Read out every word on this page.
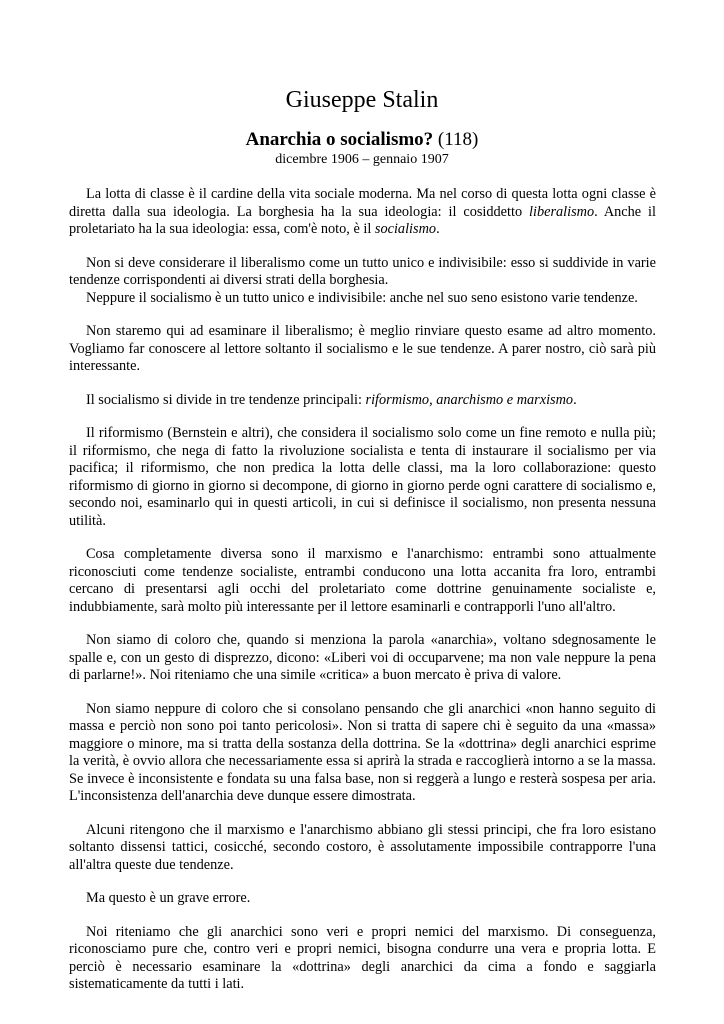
Giuseppe Stalin
Anarchia o socialismo? (118)
dicembre 1906 – gennaio 1907

La lotta di classe è il cardine della vita sociale moderna. Ma nel corso di questa lotta ogni classe è diretta dalla sua ideologia. La borghesia ha la sua ideologia: il cosiddetto liberalismo. Anche il proletariato ha la sua ideologia: essa, com'è noto, è il socialismo.

Non si deve considerare il liberalismo come un tutto unico e indivisibile: esso si suddivide in varie tendenze corrispondenti ai diversi strati della borghesia.

Neppure il socialismo è un tutto unico e indivisibile: anche nel suo seno esistono varie tendenze.

Non staremo qui ad esaminare il liberalismo; è meglio rinviare questo esame ad altro momento. Vogliamo far conoscere al lettore soltanto il socialismo e le sue tendenze. A parer nostro, ciò sarà più interessante.

Il socialismo si divide in tre tendenze principali: riformismo, anarchismo e marxismo.

Il riformismo (Bernstein e altri), che considera il socialismo solo come un fine remoto e nulla più; il riformismo, che nega di fatto la rivoluzione socialista e tenta di instaurare il socialismo per via pacifica; il riformismo, che non predica la lotta delle classi, ma la loro collaborazione: questo riformismo di giorno in giorno si decompone, di giorno in giorno perde ogni carattere di socialismo e, secondo noi, esaminarlo qui in questi articoli, in cui si definisce il socialismo, non presenta nessuna utilità.

Cosa completamente diversa sono il marxismo e l'anarchismo: entrambi sono attualmente riconosciuti come tendenze socialiste, entrambi conducono una lotta accanita fra loro, entrambi cercano di presentarsi agli occhi del proletariato come dottrine genuinamente socialiste e, indubbiamente, sarà molto più interessante per il lettore esaminarli e contrapporli l'uno all'altro.

Non siamo di coloro che, quando si menziona la parola «anarchia», voltano sdegnosamente le spalle e, con un gesto di disprezzo, dicono: «Liberi voi di occuparvene; ma non vale neppure la pena di parlarne!». Noi riteniamo che una simile «critica» a buon mercato è priva di valore.

Non siamo neppure di coloro che si consolano pensando che gli anarchici «non hanno seguito di massa e perciò non sono poi tanto pericolosi». Non si tratta di sapere chi è seguito da una «massa» maggiore o minore, ma si tratta della sostanza della dottrina. Se la «dottrina» degli anarchici esprime la verità, è ovvio allora che necessariamente essa si aprirà la strada e raccoglierà intorno a se la massa. Se invece è inconsistente e fondata su una falsa base, non si reggerà a lungo e resterà sospesa per aria. L'inconsistenza dell'anarchia deve dunque essere dimostrata.

Alcuni ritengono che il marxismo e l'anarchismo abbiano gli stessi principi, che fra loro esistano soltanto dissensi tattici, cosicché, secondo costoro, è assolutamente impossibile contrapporre l'una all'altra queste due tendenze.

Ma questo è un grave errore.

Noi riteniamo che gli anarchici sono veri e propri nemici del marxismo. Di conseguenza, riconosciamo pure che, contro veri e propri nemici, bisogna condurre una vera e propria lotta. E perciò è necessario esaminare la «dottrina» degli anarchici da cima a fondo e saggiarla sistematicamente da tutti i lati.
